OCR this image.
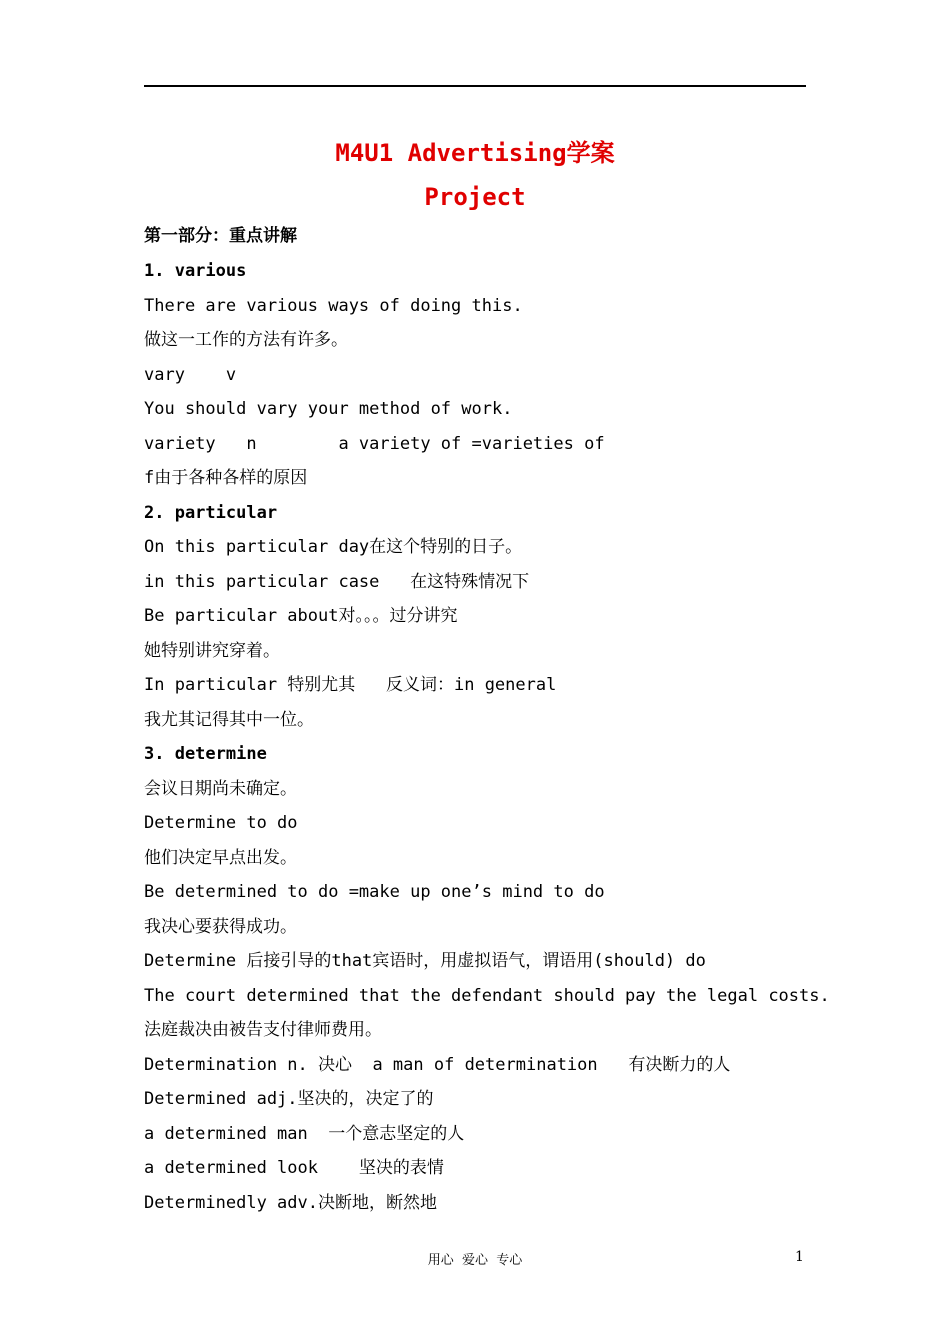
M4U1 Advertising学案
Project
第一部分：重点讲解
1. various
There are various ways of doing this.
做这一工作的方法有许多。
vary    v
You should vary your method of work.
variety   n        a variety of =varieties of
f由于各种各样的原因
2. particular
On this particular day在这个特别的日子。
in this particular case   在这特殊情况下
Be particular about对。。。过分讲究
她特别讲究穿着。
In particular 特别尤其   反义词：in general
我尤其记得其中一位。
3. determine
会议日期尚未确定。
Determine to do
他们决定早点出发。
Be determined to do =make up one’s mind to do
我决心要获得成功。
Determine 后接引导的that宾语时，用虚拟语气，谓语用(should) do
The court determined that the defendant should pay the legal costs.
法庭裁决由被告支付律师费用。
Determination n. 决心  a man of determination   有决断力的人
Determined adj.坚决的，决定了的
a determined man  一个意志坚定的人
a determined look    坚决的表情
Determinedly adv.决断地，断然地
用心  爱心  专心	1
